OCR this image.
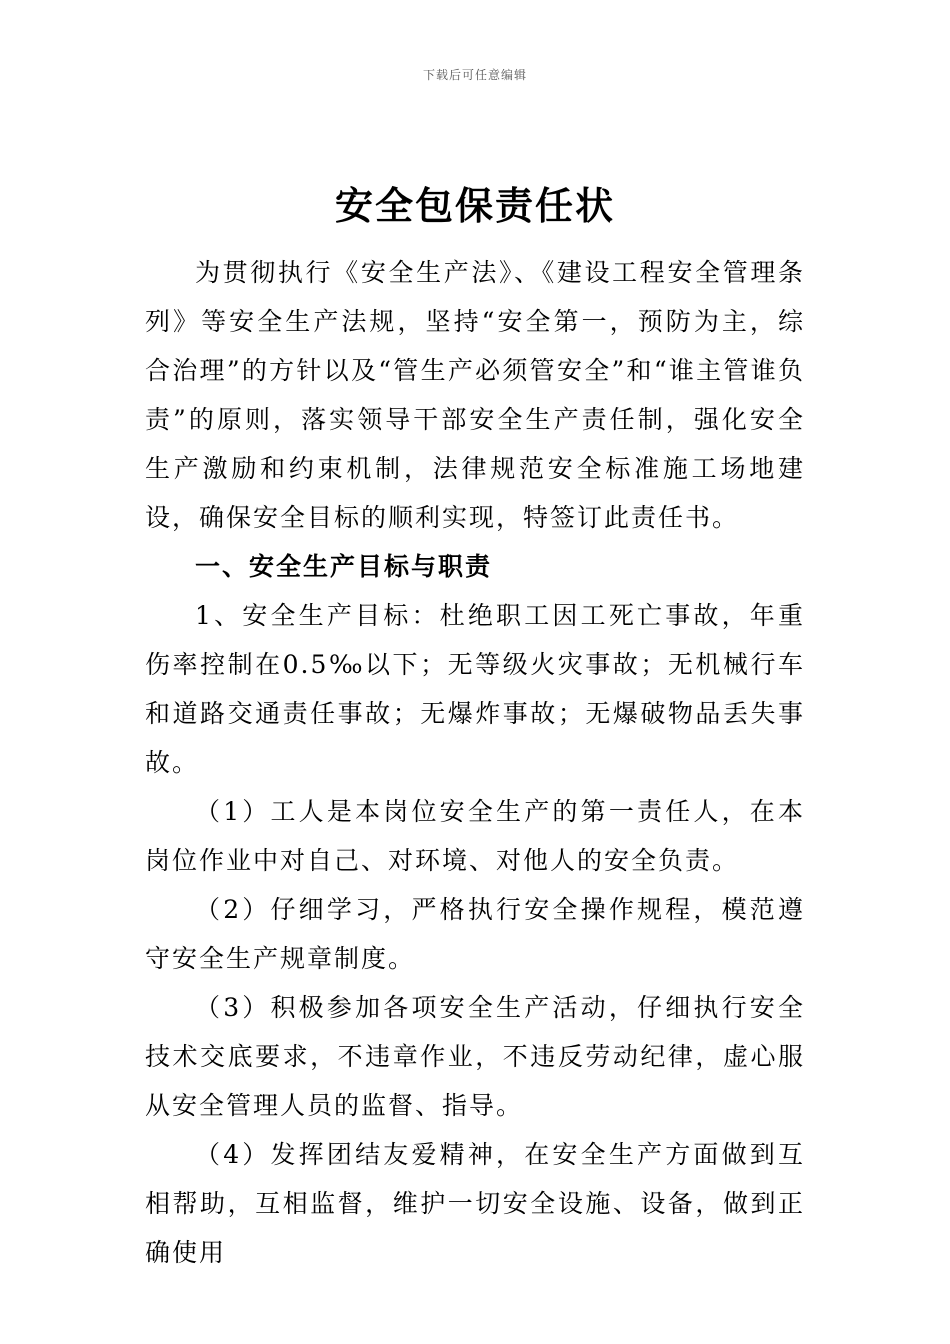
下载后可任意编辑
安全包保责任状

为贯彻执行《安全生产法》、《建设工程安全管理条列》等安全生产法规，坚持“安全第一，预防为主，综合治理”的方针以及“管生产必须管安全”和“谁主管谁负责”的原则，落实领导干部安全生产责任制，强化安全生产激励和约束机制，法律规范安全标准施工场地建设，确保安全目标的顺利实现，特签订此责任书。

一、安全生产目标与职责

1、安全生产目标：杜绝职工因工死亡事故，年重伤率控制在0.5‰以下；无等级火灾事故；无机械行车和道路交通责任事故；无爆炸事故；无爆破物品丢失事故。

（1）工人是本岗位安全生产的第一责任人，在本岗位作业中对自己、对环境、对他人的安全负责。

（2）仔细学习，严格执行安全操作规程，模范遵守安全生产规章制度。

（3）积极参加各项安全生产活动，仔细执行安全技术交底要求，不违章作业，不违反劳动纪律，虚心服从安全管理人员的监督、指导。

（4）发挥团结友爱精神，在安全生产方面做到互相帮助，互相监督，维护一切安全设施、设备，做到正确使用
